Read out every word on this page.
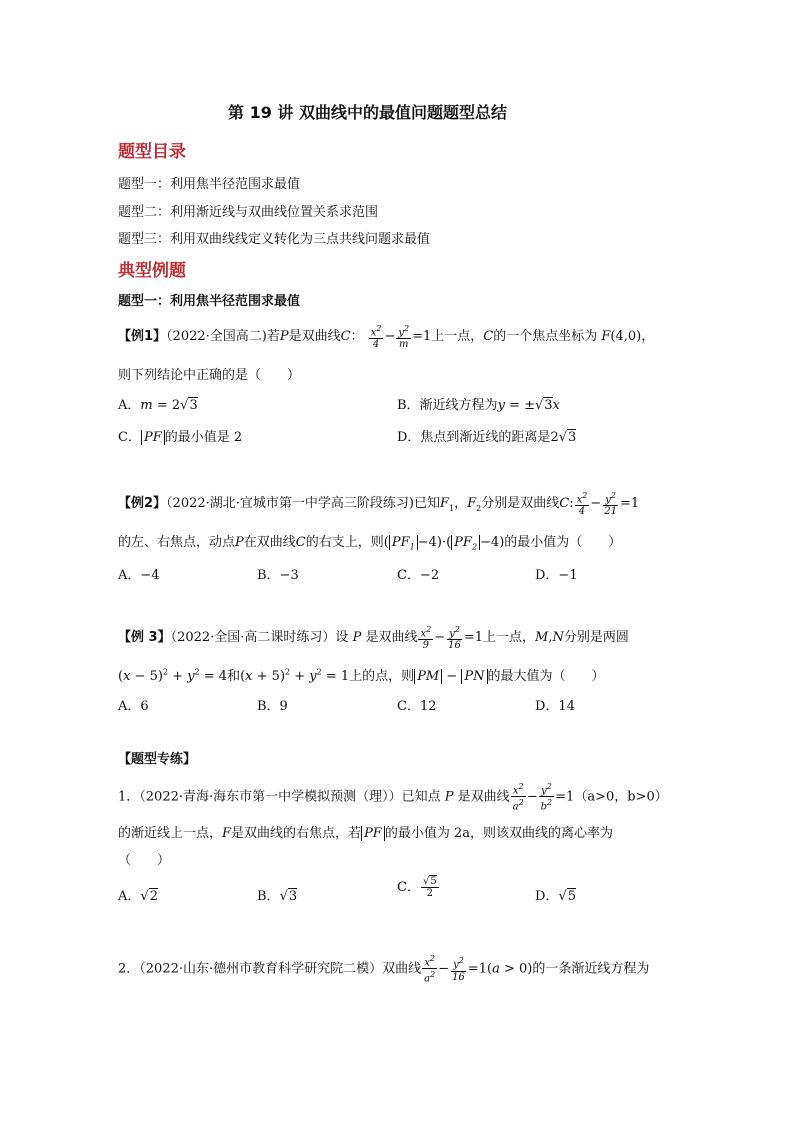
第 19 讲 双曲线中的最值问题题型总结
题型目录
题型一：利用焦半径范围求最值
题型二：利用渐近线与双曲线位置关系求范围
题型三：利用双曲线线定义转化为三点共线问题求最值
典型例题
题型一：利用焦半径范围求最值
【例1】（2022·全国高二)若P是双曲线C： $\frac{x^2}{4} - \frac{y^2}{m} =1$上一点，C的一个焦点坐标为 F(4,0)，
则下列结论中正确的是（　　）
A．m = 2√3	B．渐近线方程为y = ±√3x
C． PF 的最小值是 2	D．焦点到渐近线的距离是2√3
【例2】（2022·湖北·宜城市第一中学高三阶段练习)已知$F_1$，$F_2$分别是双曲线C: $\frac{x^2}{4} - \frac{y^2}{21} =1$
的左、右焦点，动点P在双曲线C的右支上，则( $PF_1 -4)\cdot$( $PF_2 -4$)的最小值为（　　）
A．−4	B．−3	C．−2	D．−1
【例 3】（2022·全国·高二课时练习）设 P 是双曲线 $\frac{x^2}{9} - \frac{y^2}{16} =1$上一点，M,N分别是两圆
$(x - 5)^2 + y^2 = 4$和$(x + 5)^2 + y^2 = 1$上的点，则 PM − PN 的最大值为（　　）
A．6	B．9	C．12	D．14
【题型专练】
1．（2022·青海·海东市第一中学模拟预测（理））已知点 P 是双曲线 $\frac{x^2}{a^2} - \frac{y^2}{b^2} =1(a>0$，b>0）
的渐近线上一点，F是双曲线的右焦点，若 PF 的最小值为 2a，则该双曲线的离心率为
（　　）
A．√2	B．√3
C． $\frac{√5}{2}$	D．√5
2．（2022·山东·德州市教育科学研究院二模）双曲线 $\frac{x^2}{a^2} - \frac{y^2}{16} =1(a > 0)$的一条渐近线方程为
